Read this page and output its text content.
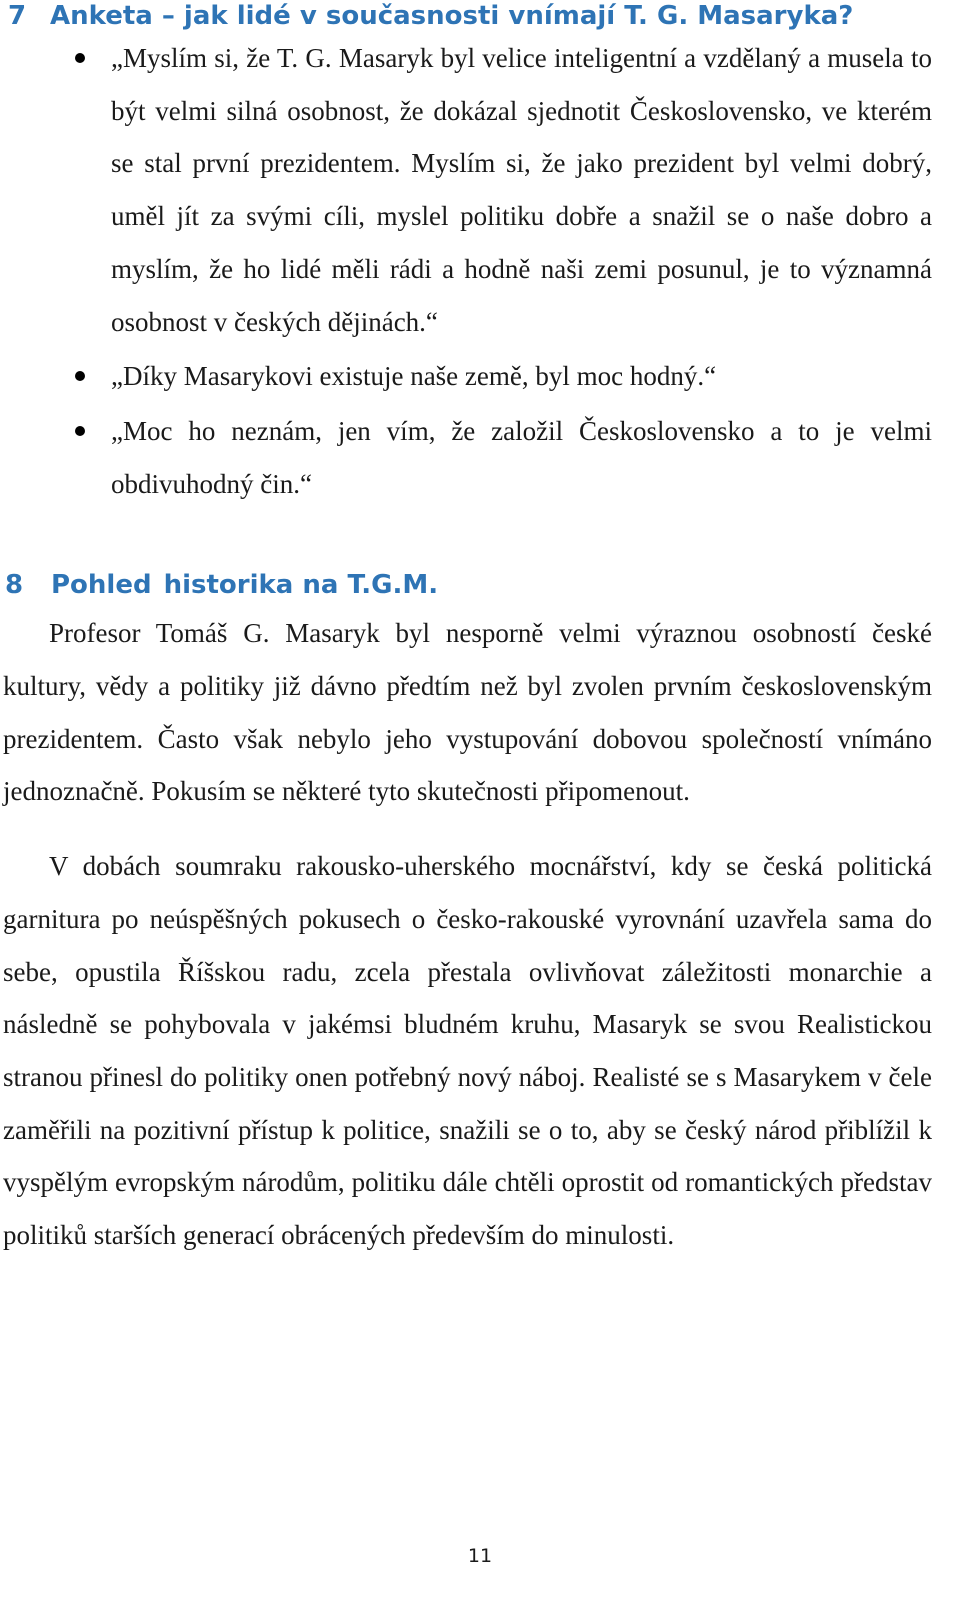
7 Anketa – jak lidé v současnosti vnímají T. G. Masaryka?
„Myslím si, že T. G. Masaryk byl velice inteligentní a vzdělaný a musela to být velmi silná osobnost, že dokázal sjednotit Československo, ve kterém se stal první prezidentem. Myslím si, že jako prezident byl velmi dobrý, uměl jít za svými cíli, myslel politiku dobře a snažil se o naše dobro a myslím, že ho lidé měli rádi a hodně naši zemi posunul, je to významná osobnost v českých dějinách.“
„Díky Masarykovi existuje naše země, byl moc hodný.“
„Moc ho neznám, jen vím, že založil Československo a to je velmi obdivuhodný čin.“
8	Pohled historika na T.G.M.

Profesor Tomáš G. Masaryk byl nesporně velmi výraznou osobností české kultury, vědy a politiky již dávno předtím než byl zvolen prvním československým prezidentem. Často však nebylo jeho vystupování dobovou společností vnímáno jednoznačně. Pokusím se některé tyto skutečnosti připomenout.

V dobách soumraku rakousko-uherského mocnářství, kdy se česká politická garnitura po neúspěšných pokusech o česko-rakouské vyrovnání uzavřela sama do sebe, opustila Říšskou radu, zcela přestala ovlivňovat záležitosti monarchie a následně se pohybovala v jakémsi bludném kruhu, Masaryk se svou Realistickou stranou přinesl do politiky onen potřebný nový náboj. Realisté se s Masarykem v čele zaměřili na pozitivní přístup k politice, snažili se o to, aby se český národ přiblížil k vyspělým evropským národům, politiku dále chtěli oprostit od romantických představ politiků starších generací obrácených především do minulosti.

11
